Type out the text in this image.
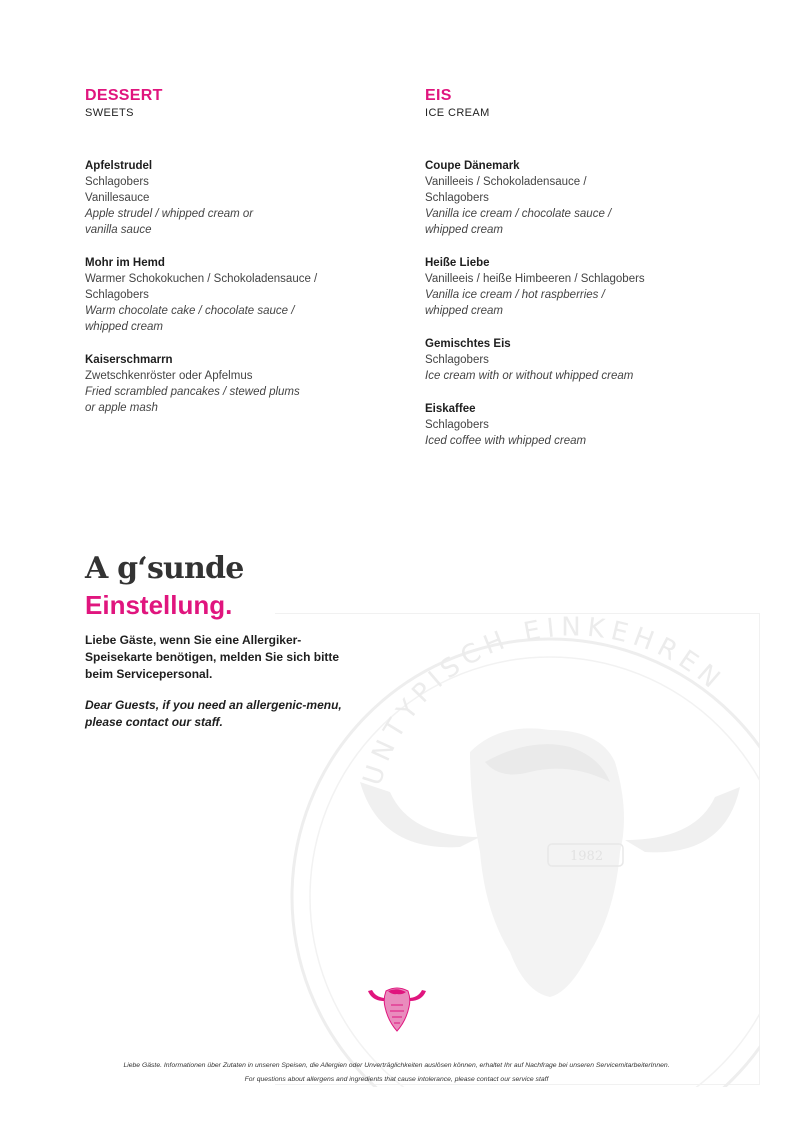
DESSERT

SWEETS

Apfelstrudel
Schlagobers
Vanillesauce
Apple strudel / whipped cream or
vanilla sauce
Mohr im Hemd
Warmer Schokokuchen / Schokoladensauce /
Schlagobers
Warm chocolate cake / chocolate sauce /
whipped cream
Kaiserschmarrn
Zwetschkenröster oder Apfelmus
Fried scrambled pancakes / stewed plums
or apple mash
EIS

ICE CREAM

Coupe Dänemark
Vanilleeis / Schokoladensauce /
Schlagobers
Vanilla ice cream / chocolate sauce /
whipped cream
Heiße Liebe
Vanilleeis / heiße Himbeeren / Schlagobers
Vanilla ice cream / hot raspberries /
whipped cream
Gemischtes Eis
Schlagobers
Ice cream with or without whipped cream
Eiskaffee
Schlagobers
Iced coffee with whipped cream
UNTYPISCH EINKEHREN
1982
A g‘sunde
Einstellung.
Liebe Gäste, wenn Sie eine Allergiker-Speisekarte benötigen, melden Sie sich bitte beim Servicepersonal.
Dear Guests, if you need an allergenic-menu, please contact our staff.
Liebe Gäste. Informationen über Zutaten in unseren Speisen, die Allergien oder Unverträglichkeiten auslösen können, erhaltet Ihr auf Nachfrage bei unseren ServicemitarbeiterInnen.
For questions about allergens and ingredients that cause intolerance, please contact our service staff
